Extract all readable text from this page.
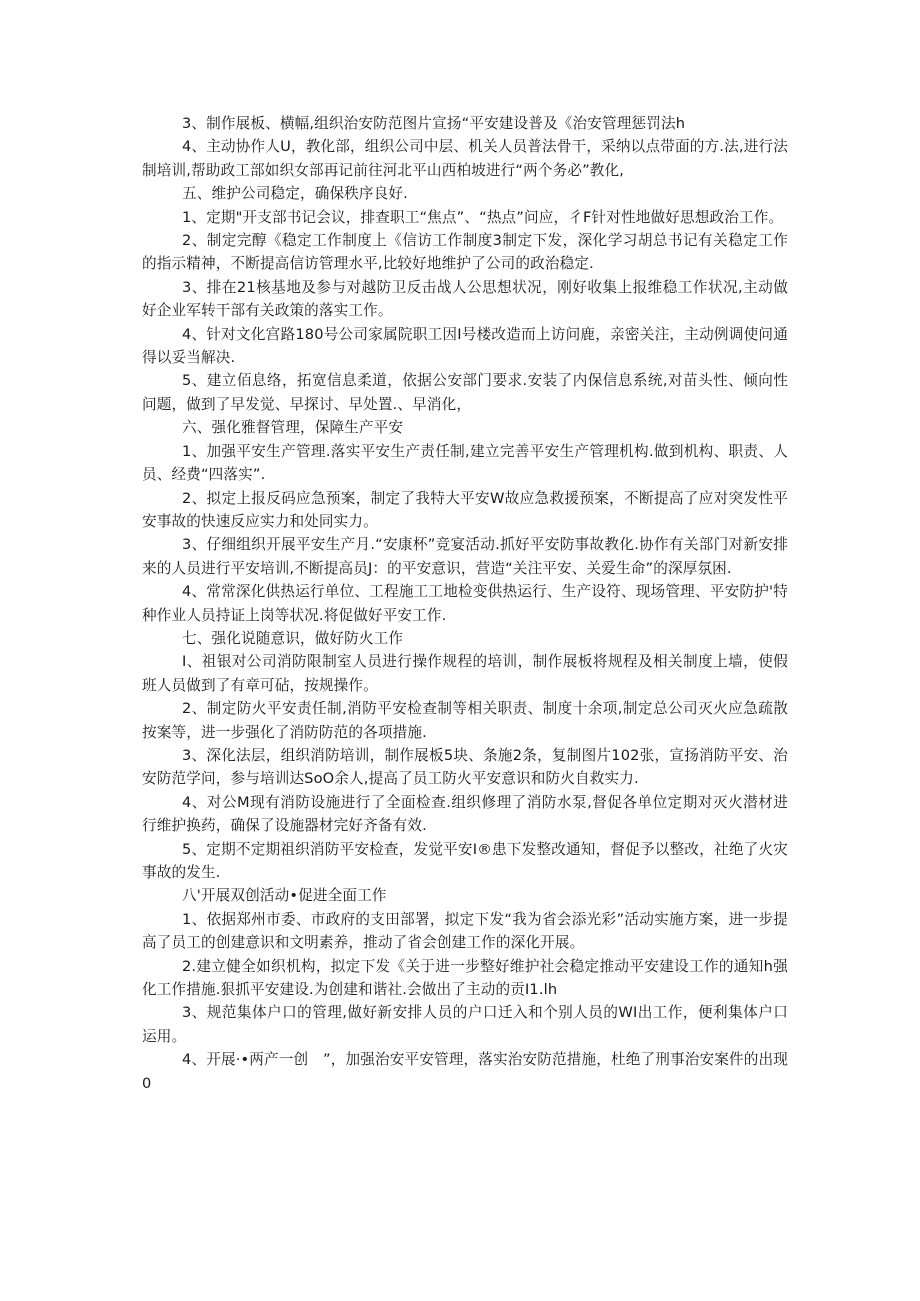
3、制作展板、横幅,组织治安防范图片宣扬“平安建设普及《治安管理惩罚法h

4、主动协作人U，教化部，组织公司中层、机关人员普法骨干，采纳以点带面的方.法,进行法制培训,帮助政工部如织女部再记前往河北平山西柏坡进行“两个务必”教化,

五、维护公司稳定，确保秩序良好.

1、定期"开支部书记会议，排查职工“焦点”、“热点”问应，彳F针对性地做好思想政治工作。

2、制定完醇《稳定工作制度上《信访工作制度3制定下发，深化学习胡总书记有关稳定工作的指示精神，不断提高信访管理水平,比较好地维护了公司的政治稳定.

3、排在21核基地及参与对越防卫反击战人公思想状况，刚好收集上报维稳工作状况,主动做好企业军转干部有关政策的落实工作。

4、针对文化宫路180号公司家属院职工因I号楼改造而上访问鹿，亲密关注，主动例调使问通得以妥当解决.

5、建立佰息络，拓宽信息柔道，依据公安部门要求.安装了内保信息系统,对苗头性、倾向性问题，做到了早发觉、早探讨、早处置.、早消化，

六、强化雅督管理，保障生产平安

1、加强平安生产管理.落实平安生产责任制,建立完善平安生产管理机构.做到机构、职责、人员、经费“四落实”.

2、拟定上报反码应急预案，制定了我特大平安W故应急救援预案，不断提高了应对突发性平安事故的快速反应实力和处同实力。

3、仔细组织开展平安生产月.“安康杯”竞宴活动.抓好平安防事故教化.协作有关部门对新安排来的人员进行平安培训,不断提高员J：的平安意识，营造“关注平安、关爱生命”的深厚氛困.

4、常常深化供热运行单位、工程施工工地检变供热运行、生产设符、现场管理、平安防护'特种作业人员持证上岗等状况.将促做好平安工作.

七、强化说随意识，做好防火工作

I、祖银对公司消防限制室人员进行操作规程的培训，制作展板将规程及相关制度上墙，使假班人员做到了有章可砧，按规操作。

2、制定防火平安责任制,消防平安检查制等相关职责、制度十余项,制定总公司灭火应急疏散按案等，进一步强化了消防防范的各项措施.

3、深化法层，组织消防培训，制作展板5块、条施2条，复制图片102张，宣扬消防平安、治安防范学问，参与培训达SoO余人,提高了员工防火平安意识和防火自救实力.

4、对公M现有消防设施进行了全面检查.组织修理了消防水泵,督促各单位定期对灭火潜材进行维护换药，确保了设施器材完好齐备有效.

5、定期不定期祖织消防平安检查，发觉平安I®患下发整改通知，督促予以整改，社绝了火灾事故的发生.

八'开展双创活动•促进全面工作

1、依据郑州市委、市政府的支田部署，拟定下发“我为省会添光彩”活动实施方案，进一步提高了员工的创建意识和文明素养，推动了省会创建工作的深化开展。

2.建立健全如织机构，拟定下发《关于进一步整好维护社会稳定推动平安建设工作的通知h强化工作措施.狠抓平安建设.为创建和谐社.会做出了主动的贡I1.lh

3、规范集体户口的管理,做好新安排人员的户口迁入和个别人员的WI出工作，便利集体户口运用。

4、开展·•两产一创　”，加强治安平安管理，落实治安防范措施，杜绝了刑事治安案件的出现0
